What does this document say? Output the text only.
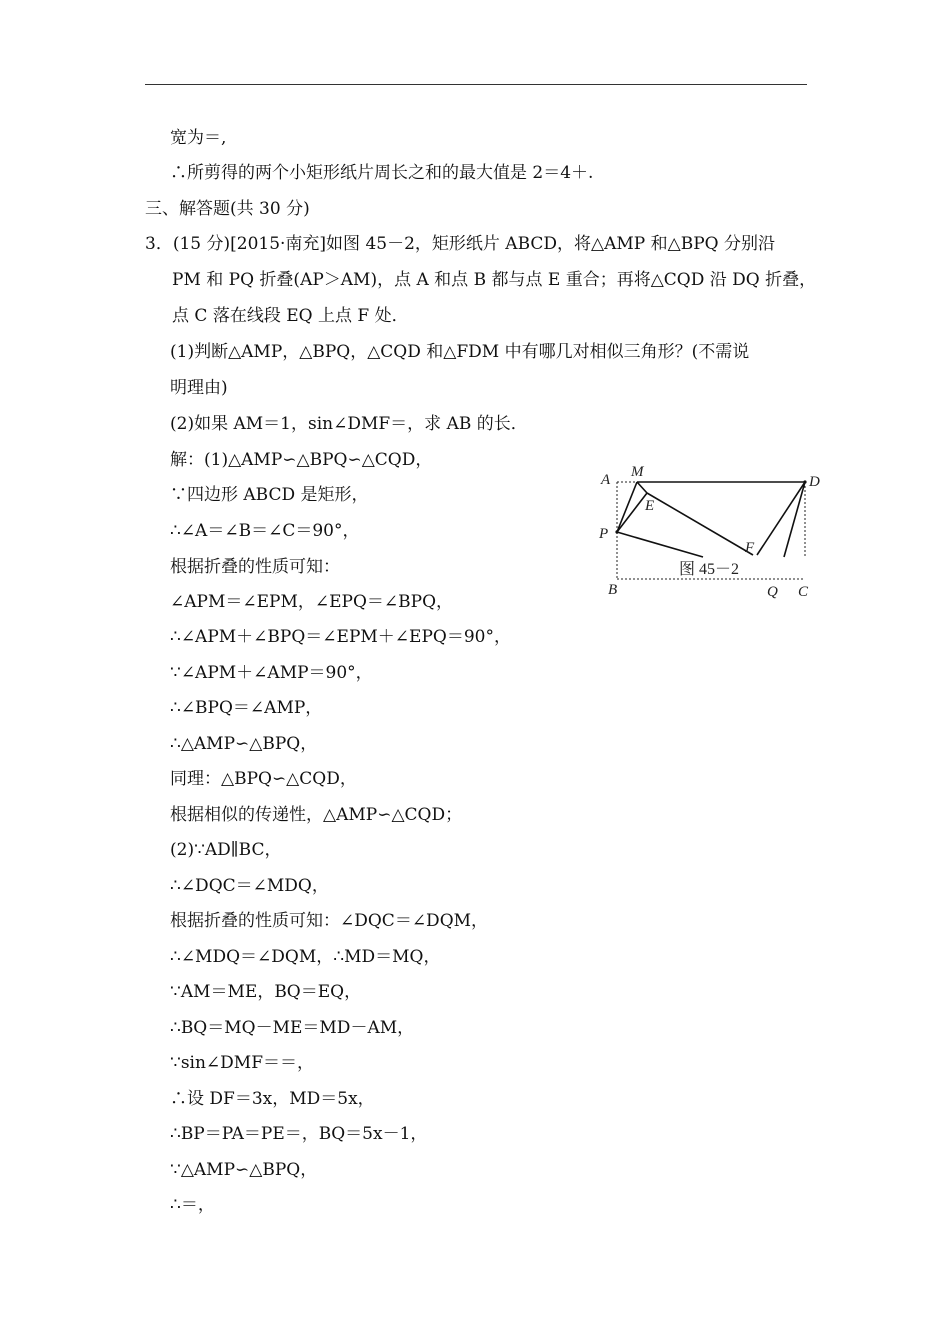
宽为＝,
∴所剪得的两个小矩形纸片周长之和的最大值是 2＝4＋.
三、解答题(共 30 分)
3．(15 分)[2015·南充]如图 45－2，矩形纸片 ABCD，将△AMP 和△BPQ 分别沿
PM 和 PQ 折叠(AP＞AM)，点 A 和点 B 都与点 E 重合；再将△CQD 沿 DQ 折叠，
点 C 落在线段 EQ 上点 F 处．
(1)判断△AMP，△BPQ，△CQD 和△FDM 中有哪几对相似三角形？(不需说
明理由)
(2)如果 AM＝1，sin∠DMF＝，求 AB 的长．
解：(1)△AMP∽△BPQ∽△CQD，
∵四边形 ABCD 是矩形，
∴∠A＝∠B＝∠C＝90°，
根据折叠的性质可知：
∠APM＝∠EPM，∠EPQ＝∠BPQ，
∴∠APM＋∠BPQ＝∠EPM＋∠EPQ＝90°，
∵∠APM＋∠AMP＝90°，
∴∠BPQ＝∠AMP，
∴△AMP∽△BPQ，
同理：△BPQ∽△CQD，
根据相似的传递性，△AMP∽△CQD；
(2)∵AD∥BC，
∴∠DQC＝∠MDQ，
根据折叠的性质可知：∠DQC＝∠DQM，
∴∠MDQ＝∠DQM，∴MD＝MQ，
∵AM＝ME，BQ＝EQ，
∴BQ＝MQ－ME＝MD－AM，
∵sin∠DMF＝＝，
∴设 DF＝3x，MD＝5x，
∴BP＝PA＝PE＝，BQ＝5x－1，
∵△AMP∽△BPQ，
∴＝，
A M
D
E
P
F
B	Q C
图 45－2
